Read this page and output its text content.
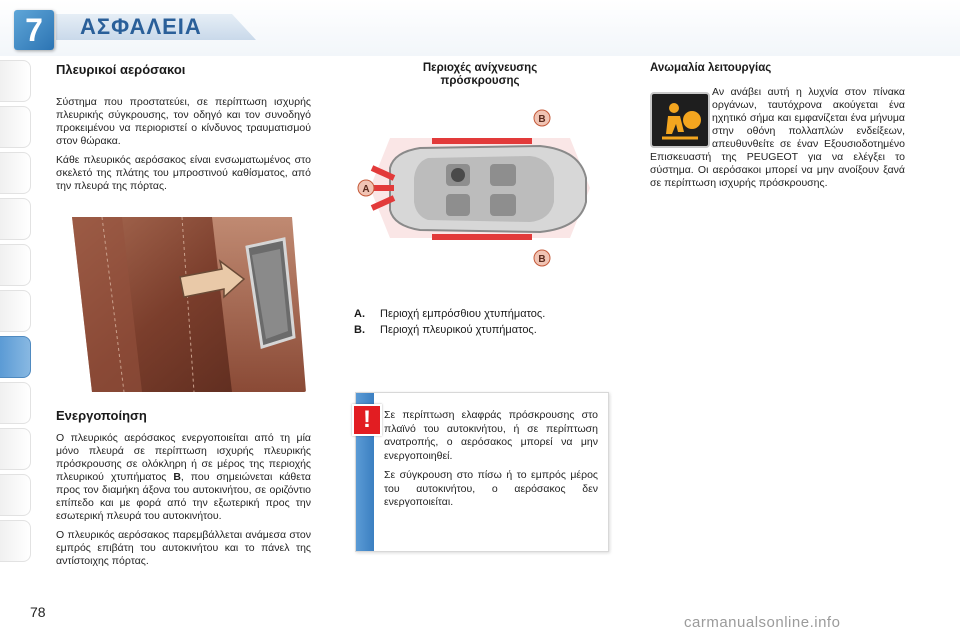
7	ΑΣΦΑΛΕΙΑ
Πλευρικοί αερόσακοι

Σύστημα που προστατεύει, σε περίπτωση ισχυρής πλευρικής σύγκρουσης, τον οδηγό και τον συνοδηγό προκειμένου να περιοριστεί ο κίνδυνος τραυματισμού στον θώρακα.

Κάθε πλευρικός αερόσακος είναι ενσωματωμένος στο σκελετό της πλάτης του μπροστινού καθίσματος, από την πλευρά της πόρτας.

Ενεργοποίηση

Ο πλευρικός αερόσακος ενεργοποιείται από τη μία μόνο πλευρά σε περίπτωση ισχυρής πλευρικής πρόσκρουσης σε ολόκληρη ή σε μέρος της περιοχής πλευρικού χτυπήματος B, που σημειώνεται κάθετα προς τον διαμήκη άξονα του αυτοκινήτου, σε οριζόντιο επίπεδο και με φορά από την εξωτερική προς την εσωτερική πλευρά του αυτοκινήτου.

Ο πλευρικός αερόσακος παρεμβάλλεται ανάμεσα στον εμπρός επιβάτη του αυτοκινήτου και το πάνελ της αντίστοιχης πόρτας.

Περιοχές ανίχνευσης
πρόσκρουσης
A
B
B
A.	Περιοχή εμπρόσθιου χτυπήματος.
B.	Περιοχή πλευρικού χτυπήματος.

Σε περίπτωση ελαφράς πρόσκρουσης στο πλαϊνό του αυτοκινήτου, ή σε περίπτωση ανατροπής, ο αερόσακος μπορεί να μην ενεργοποιηθεί.

Σε σύγκρουση στο πίσω ή το εμπρός μέρος του αυτοκινήτου, ο αερόσακος δεν ενεργοποιείται.

!
Ανωμαλία λειτουργίας
Αν ανάβει αυτή η λυχνία στον πίνακα οργάνων, ταυτόχρονα ακούγεται ένα ηχητικό σήμα και εμφανίζεται ένα μήνυμα στην οθόνη πολλαπλών ενδείξεων, απευθυνθείτε σε έναν Εξουσιοδοτημένο Επισκευαστή της PEUGEOT για να ελέγξει το σύστημα. Οι αερόσακοι μπορεί να μην ανοίξουν ξανά σε περίπτωση ισχυρής πρόσκρουσης.
78
carmanualsonline.info
